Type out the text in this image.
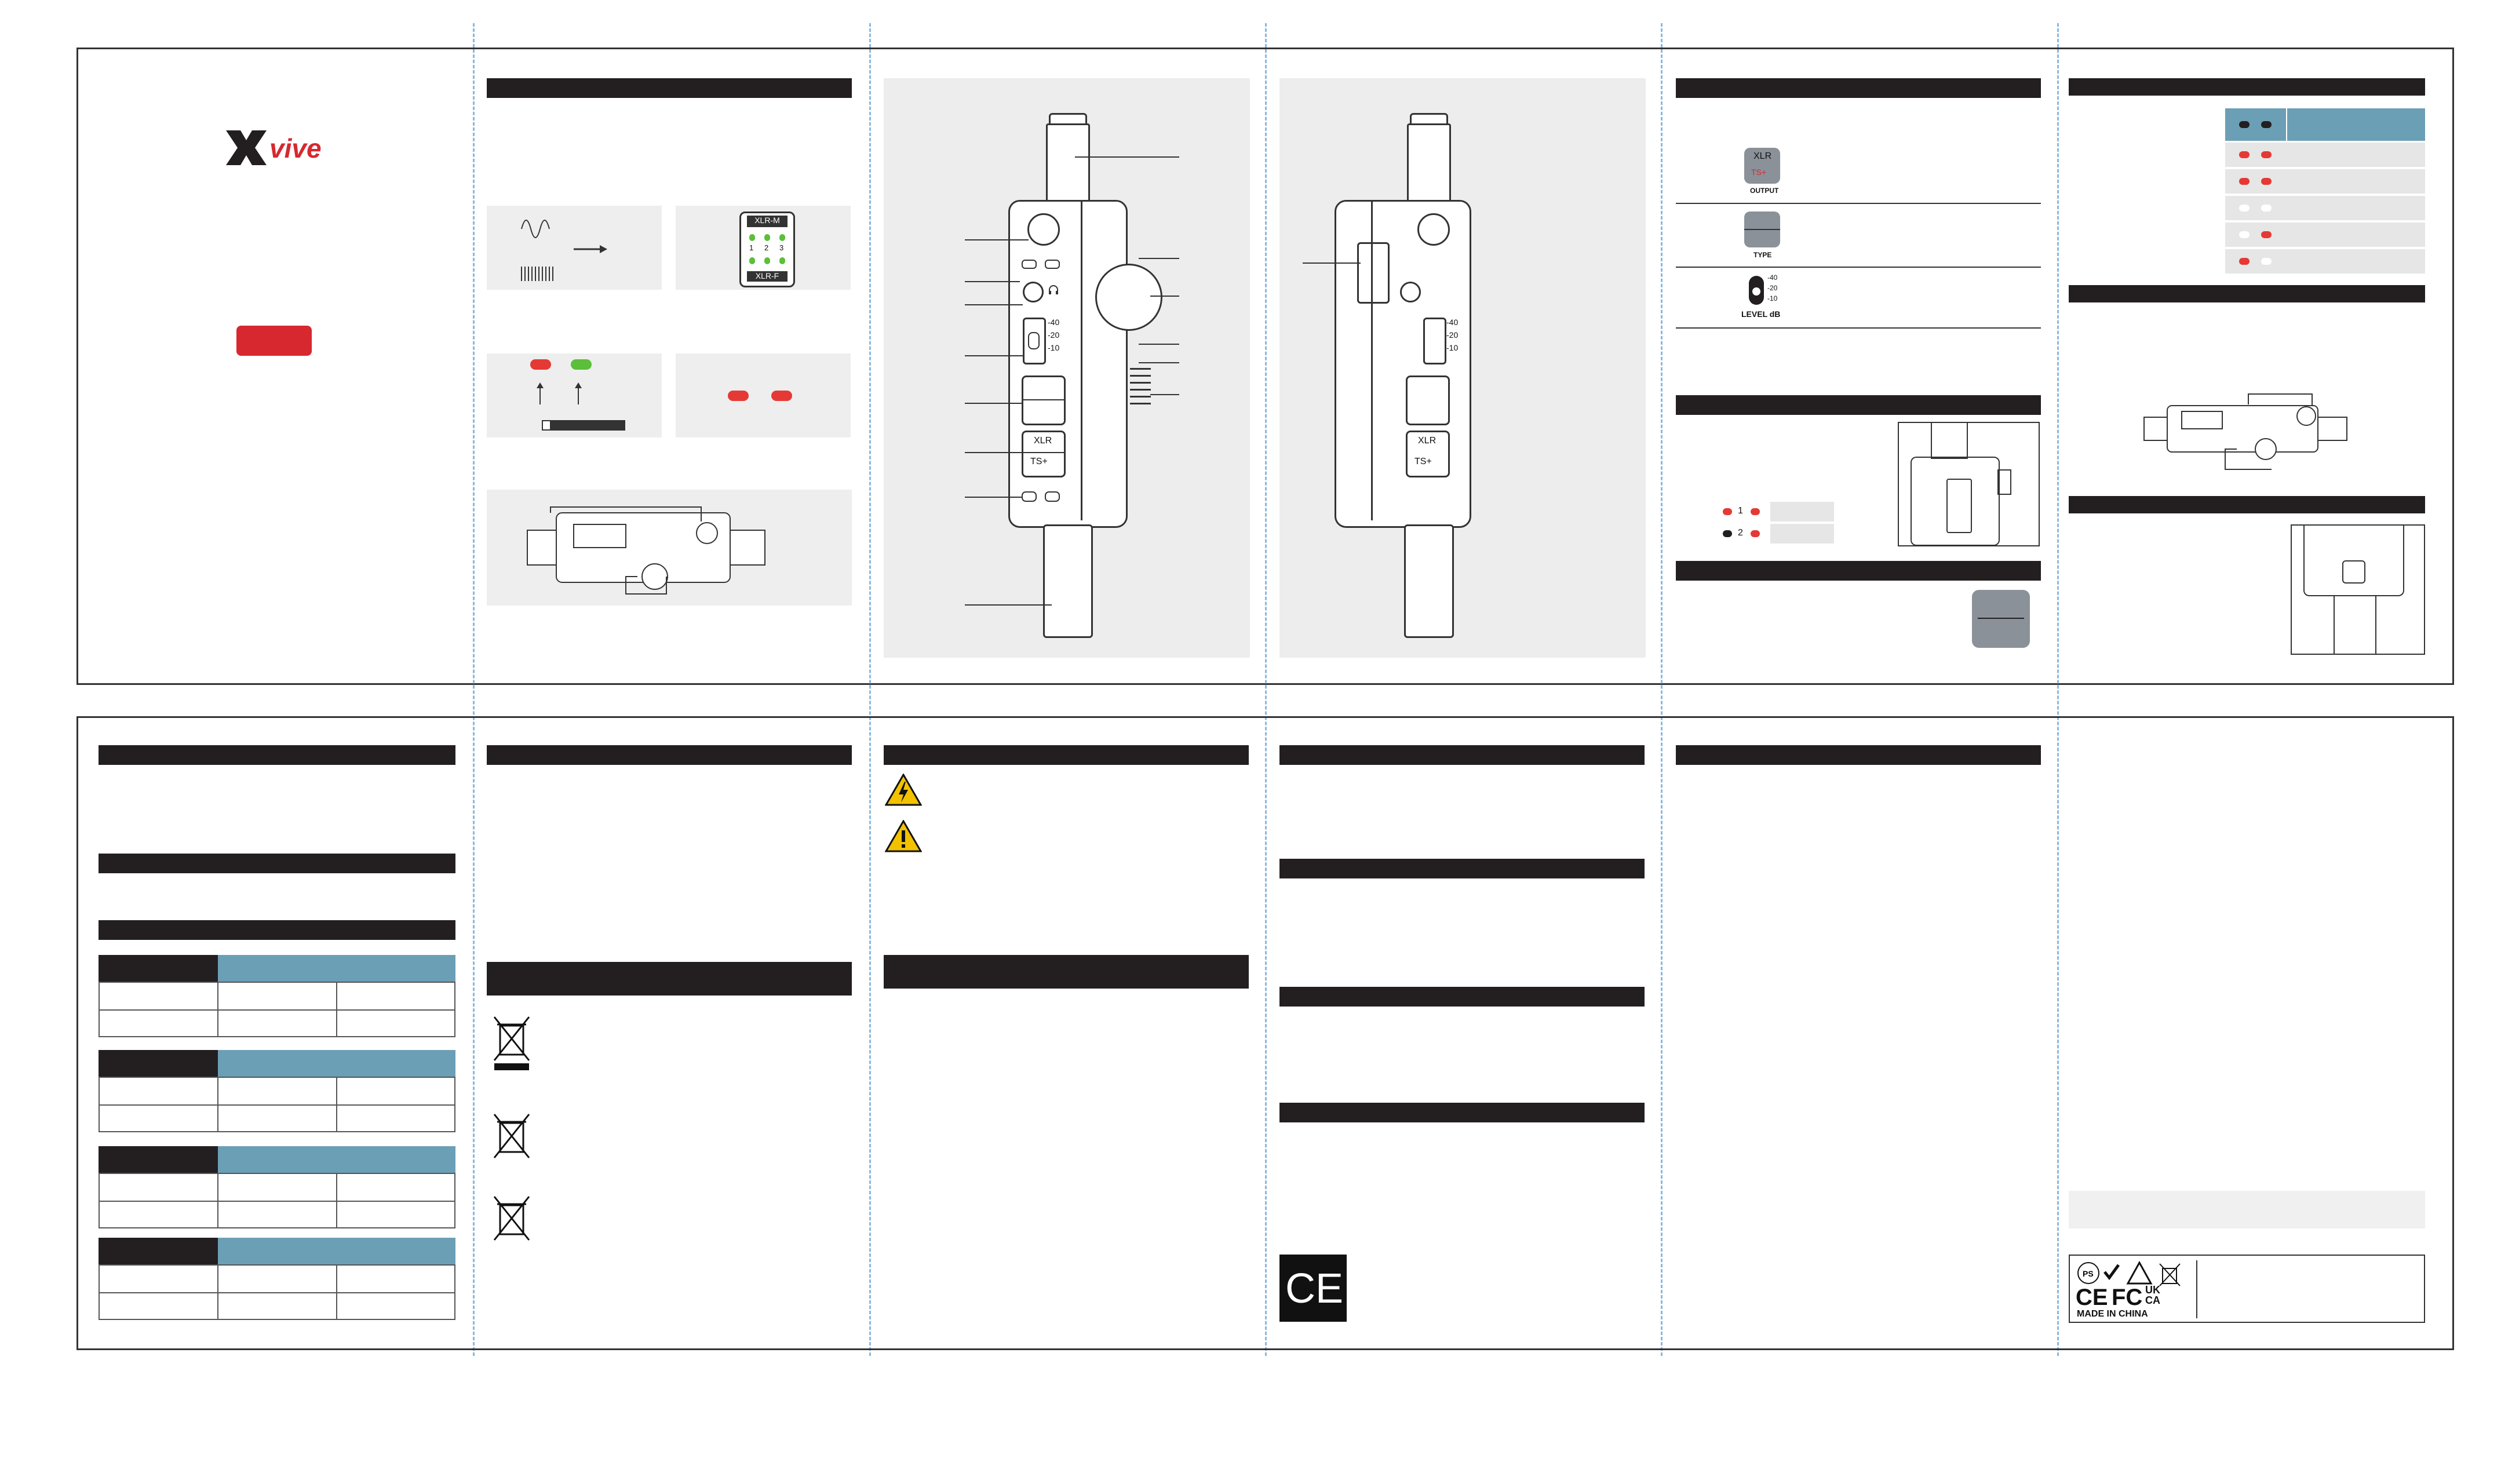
vive
XLR-M
XLR-F
1 2 3
-40
-20
-10
XLR
TS+
-40
-20
-10
XLR
TS+
XLR
TS+
OUTPUT
TYPE
-40
-20
-10
LEVEL dB
1
2
CE	PS
CE FC UK CA
MADE IN CHINA
